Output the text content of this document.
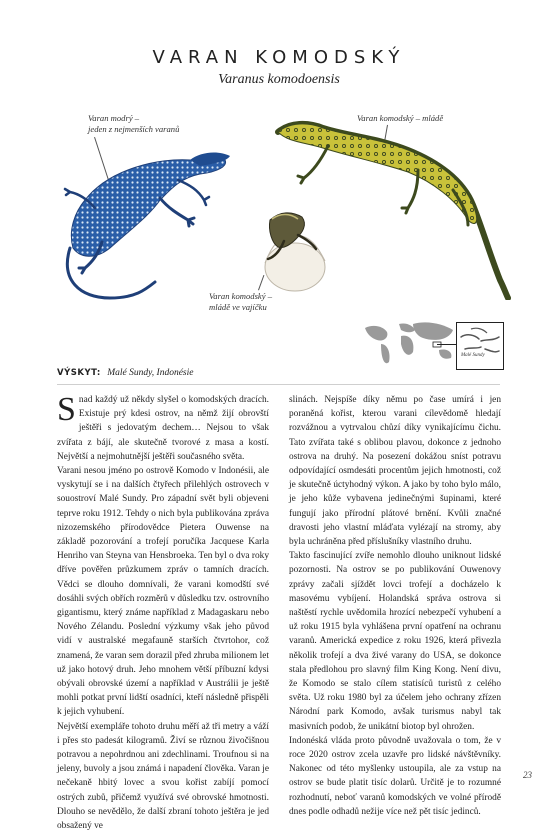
VARAN KOMODSKÝ
Varanus komodoensis
Varan modrý –
jeden z nejmenších varanů
Varan komodský – mládě
Varan komodský –
mládě ve vajíčku
Malé Sundy
VÝSKYT: Malé Sundy, Indonésie

Snad každý už někdy slyšel o komodských dracích. Existuje prý kdesi ostrov, na němž žijí obrovští ještěři s jedovatým dechem… Nejsou to však zvířata z bájí, ale skutečně tvorové z masa a kostí. Největší a nejmohutnější ještěři současného světa.

Varani nesou jméno po ostrově Komodo v Indonésii, ale vyskytují se i na dalších čtyřech přilehlých ostrovech v souostroví Malé Sundy. Pro západní svět byli objeveni teprve roku 1912. Tehdy o nich byla publikována zpráva nizozemského přírodovědce Pietera Ouwense na základě pozorování a trofejí poručíka Jacquese Karla Henriho van Steyna van Hensbroeka. Ten byl o dva roky dříve pověřen průzkumem zpráv o tamních dracích. Vědci se dlouho domnívali, že varani komodští své dosáhli svých obřích rozměrů v důsledku tzv. ostrovního gigantismu, který známe například z Madagaskaru nebo Nového Zélandu. Poslední výzkumy však jeho původ vidí v australské megafauně starších čtvrtohor, což znamená, že varan sem dorazil před zhruba milionem let už jako hotový druh. Jeho mnohem větší příbuzní kdysi obývali obrovské území a například v Austrálii je ještě mohli potkat první lidští osadníci, kteří následně přispěli k jejich vyhubení.

Největší exempláře tohoto druhu měří až tři metry a váží i přes sto padesát kilogramů. Živí se různou živočišnou potravou a nepohrdnou ani zdechlinami. Troufnou si na jeleny, buvoly a jsou známá i napadení člověka. Varan je nečekaně hbitý lovec a svou kořist zabíjí pomocí ostrých zubů, přičemž využívá své obrovské hmotnosti. Dlouho se nevědělo, že další zbraní tohoto ještěra je jed obsažený ve

slinách. Nejspíše díky němu po čase umírá i jen poraněná kořist, kterou varani cílevědomě hledají rozvážnou a vytrvalou chůzí díky vynikajícímu čichu. Tato zvířata také s oblibou plavou, dokonce z jednoho ostrova na druhý. Na posezení dokážou sníst potravu odpovídající osmdesáti procentům jejich hmotnosti, což je skutečně úctyhodný výkon. A jako by toho bylo málo, je jeho kůže vybavena jedinečnými šupinami, které fungují jako přírodní plátové brnění. Kvůli značné dravosti jeho vlastní mláďata vylézají na stromy, aby byla uchráněna před příslušníky vlastního druhu.

Takto fascinující zvíře nemohlo dlouho uniknout lidské pozornosti. Na ostrov se po publikování Ouwenovy zprávy začali sjíždět lovci trofejí a docházelo k masovému vybíjení. Holandská správa ostrova si naštěstí rychle uvědomila hrozící nebezpečí vyhubení a už roku 1915 byla vyhlášena první opatření na ochranu varanů. Americká expedice z roku 1926, která přivezla několik trofejí a dva živé varany do USA, se dokonce stala předlohou pro slavný film King Kong. Není divu, že Komodo se stalo cílem statisíců turistů z celého světa. Už roku 1980 byl za účelem jeho ochrany zřízen Národní park Komodo, avšak turismus nabyl tak masivních podob, že unikátní biotop byl ohrožen.

Indonéská vláda proto původně uvažovala o tom, že v roce 2020 ostrov zcela uzavře pro lidské návštěvníky. Nakonec od této myšlenky ustoupila, ale za vstup na ostrov se bude platit tisíc dolarů. Určitě je to rozumné rozhodnutí, neboť varanů komodských ve volné přírodě dnes podle odhadů nežije více než pět tisíc jedinců.

23
